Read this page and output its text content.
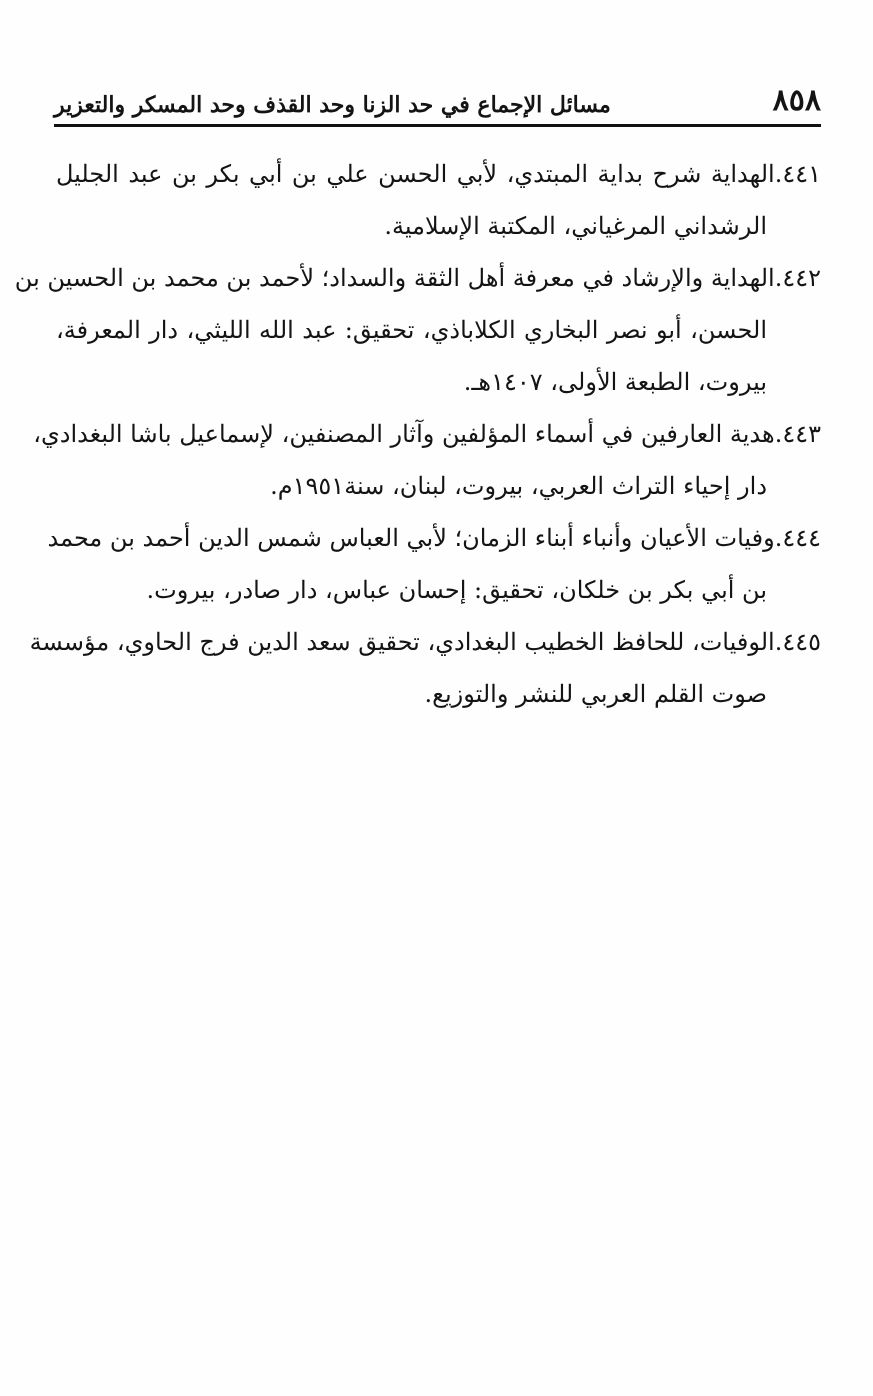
٨٥٨
مسائل الإجماع في حد الزنا وحد القذف وحد المسكر والتعزير

٤٤١.الهداية شرح بداية المبتدي، لأبي الحسن علي بن أبي بكر بن عبد الجليل
الرشداني المرغياني، المكتبة الإسلامية.

٤٤٢.الهداية والإرشاد في معرفة أهل الثقة والسداد؛ لأحمد بن محمد بن الحسين بن
الحسن، أبو نصر البخاري الكلاباذي، تحقيق: عبد الله الليثي، دار المعرفة،
بيروت، الطبعة الأولى، ١٤٠٧هـ.

٤٤٣.هدية العارفين في أسماء المؤلفين وآثار المصنفين، لإسماعيل باشا البغدادي،
دار إحياء التراث العربي، بيروت، لبنان، سنة١٩٥١م.

٤٤٤.وفيات الأعيان وأنباء أبناء الزمان؛ لأبي العباس شمس الدين أحمد بن محمد
بن أبي بكر بن خلكان، تحقيق: إحسان عباس، دار صادر، بيروت.

٤٤٥.الوفيات، للحافظ الخطيب البغدادي، تحقيق سعد الدين فرج الحاوي، مؤسسة
صوت القلم العربي للنشر والتوزيع.
